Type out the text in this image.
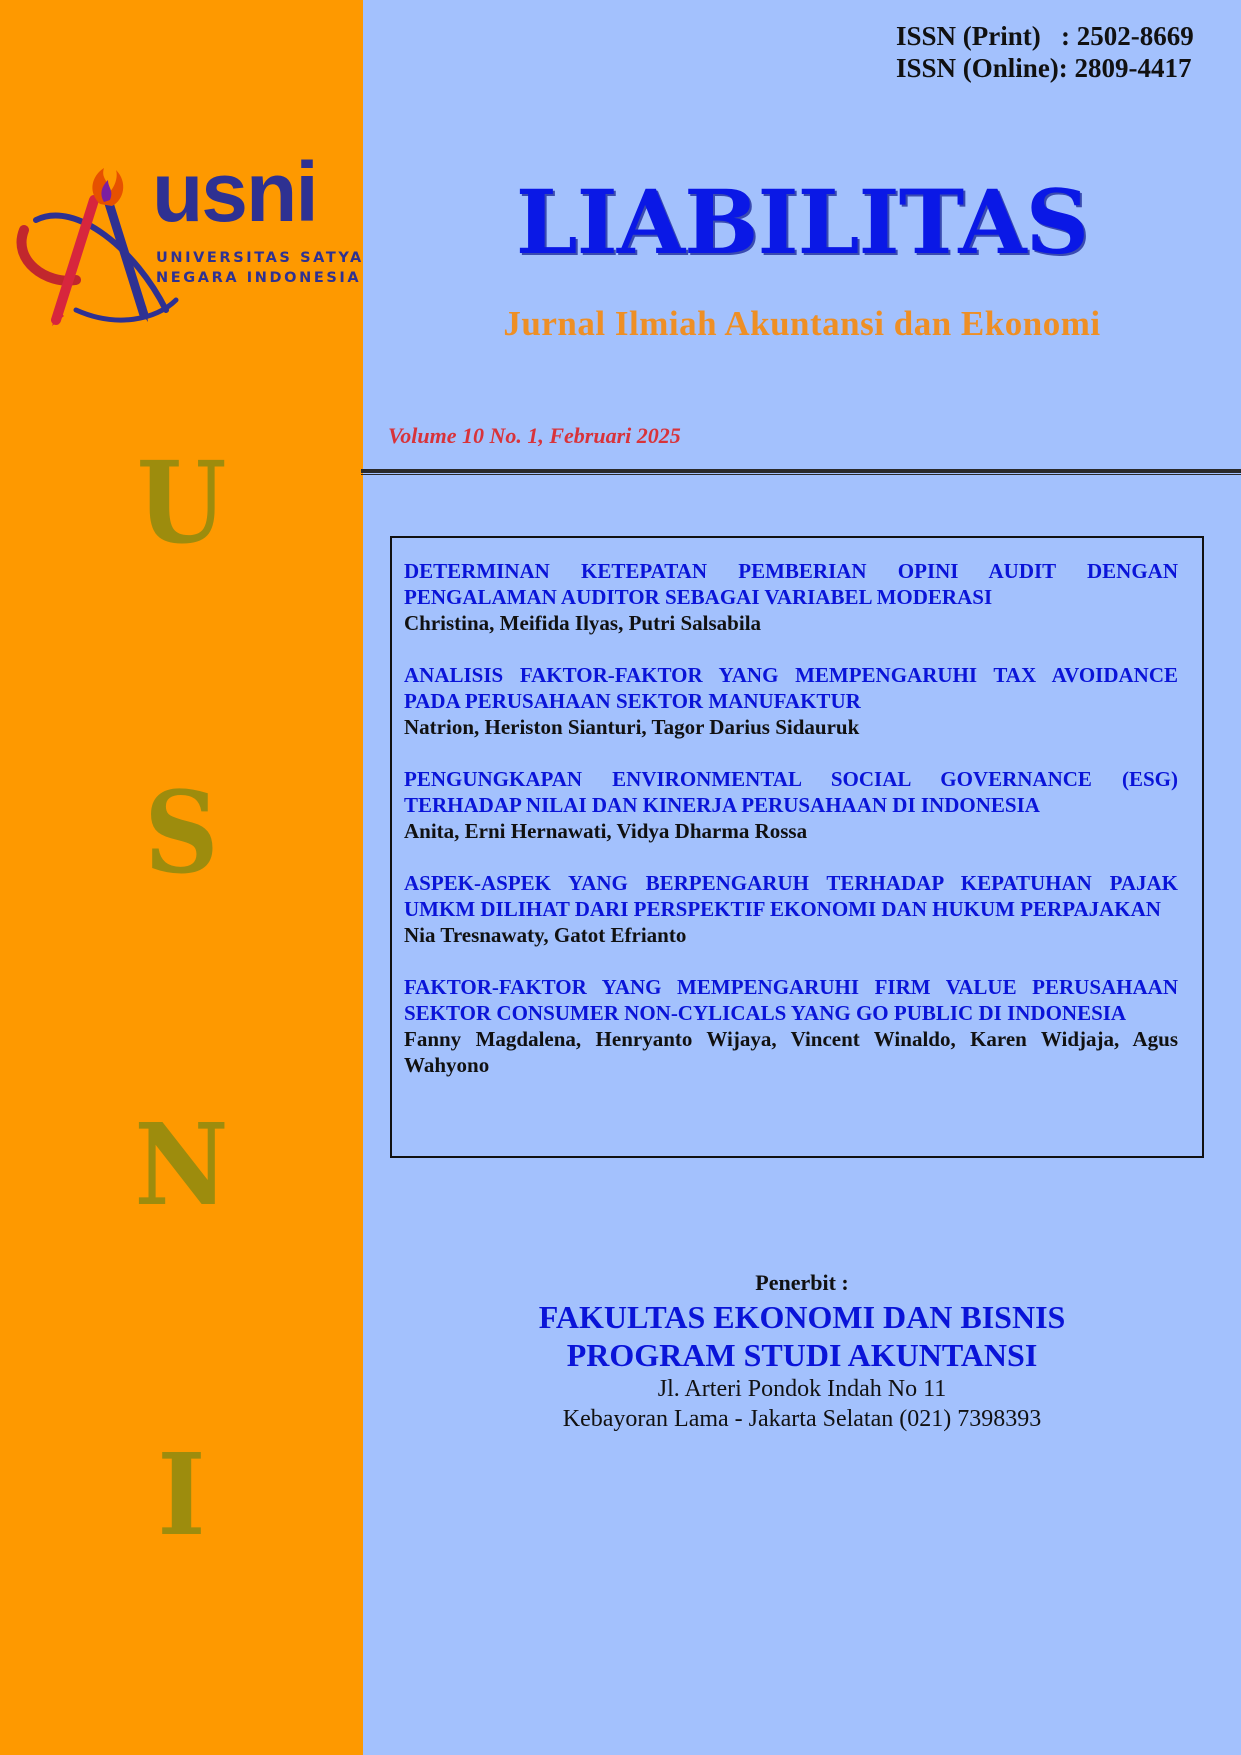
usni
UNIVERSITAS SATYA
NEGARA INDONESIA
U
S
N
I
ISSN (Print)   : 2502-8669
ISSN (Online): 2809-4417
LIABILITAS
Jurnal Ilmiah Akuntansi dan Ekonomi
Volume 10 No. 1, Februari 2025
DETERMINAN KETEPATAN PEMBERIAN OPINI AUDIT DENGAN PENGALAMAN AUDITOR SEBAGAI VARIABEL MODERASI
Christina, Meifida Ilyas, Putri Salsabila
ANALISIS FAKTOR-FAKTOR YANG MEMPENGARUHI TAX AVOIDANCE PADA PERUSAHAAN SEKTOR MANUFAKTUR
Natrion, Heriston Sianturi, Tagor Darius Sidauruk
PENGUNGKAPAN ENVIRONMENTAL SOCIAL GOVERNANCE (ESG) TERHADAP NILAI DAN KINERJA PERUSAHAAN DI INDONESIA
Anita, Erni Hernawati, Vidya Dharma Rossa
ASPEK-ASPEK YANG BERPENGARUH TERHADAP KEPATUHAN PAJAK UMKM DILIHAT DARI PERSPEKTIF EKONOMI DAN HUKUM PERPAJAKAN
Nia Tresnawaty, Gatot Efrianto
FAKTOR-FAKTOR YANG MEMPENGARUHI FIRM VALUE PERUSAHAAN SEKTOR CONSUMER NON-CYLICALS YANG GO PUBLIC DI INDONESIA
Fanny Magdalena, Henryanto Wijaya, Vincent Winaldo, Karen Widjaja, Agus Wahyono
Penerbit :
FAKULTAS EKONOMI DAN BISNIS
PROGRAM STUDI AKUNTANSI
Jl. Arteri Pondok Indah No 11
Kebayoran Lama - Jakarta Selatan (021) 7398393
